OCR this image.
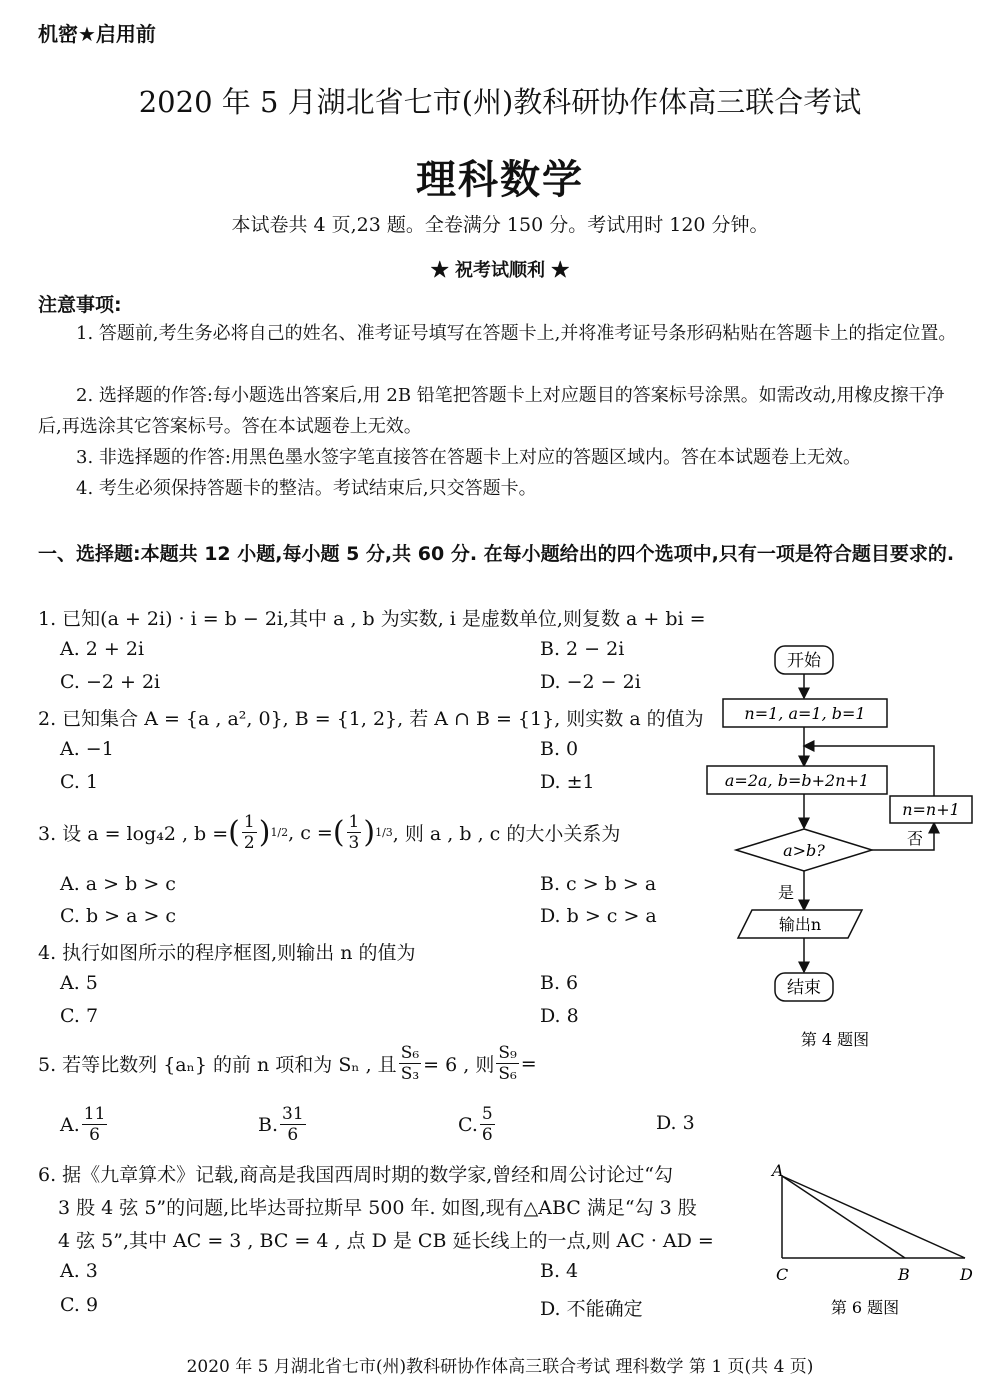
机密★启用前
2020 年 5 月湖北省七市(州)教科研协作体高三联合考试
理科数学
本试卷共 4 页,23 题。全卷满分 150 分。考试用时 120 分钟。
★ 祝考试顺利 ★
注意事项:
1. 答题前,考生务必将自己的姓名、准考证号填写在答题卡上,并将准考证号条形码粘贴在答题卡上的指定位置。
2. 选择题的作答:每小题选出答案后,用 2B 铅笔把答题卡上对应题目的答案标号涂黑。如需改动,用橡皮擦干净后,再选涂其它答案标号。答在本试题卷上无效。
3. 非选择题的作答:用黑色墨水签字笔直接答在答题卡上对应的答题区域内。答在本试题卷上无效。
4. 考生必须保持答题卡的整洁。考试结束后,只交答题卡。
一、选择题:本题共 12 小题,每小题 5 分,共 60 分. 在每小题给出的四个选项中,只有一项是符合题目要求的.
1. 已知(a + 2i) · i = b − 2i,其中 a , b 为实数, i 是虚数单位,则复数 a + bi =
A. 2 + 2i	B. 2 − 2i
C. −2 + 2i	D. −2 − 2i
2. 已知集合 A = {a , a², 0}, B = {1, 2}, 若 A ∩ B = {1}, 则实数 a 的值为
A. −1	B. 0
C. 1	D. ±1
3. 设 a = log₄2 , b = ( $\frac{1}{2}$ ) 1/2 , c = ( $\frac{1}{3}$ ) 1/3 , 则 a , b , c 的大小关系为
A. a > b > c	B. c > b > a
C. b > a > c	D. b > c > a
4. 执行如图所示的程序框图,则输出 n 的值为
A. 5	B. 6
C. 7	D. 8
5. 若等比数列 {aₙ} 的前 n 项和为 Sₙ , 且 $\frac{\text{S₆}}{\text{S₃}} = 6$ , 则 $\frac{\text{S₉}}{\text{S₆}}$ =
A. $\frac{11}{6}$	B. $\frac{31}{6}$	C. $\frac{5}{6}$	D. 3
6. 据《九章算术》记载,商高是我国西周时期的数学家,曾经和周公讨论过“勾
3 股 4 弦 5”的问题,比毕达哥拉斯早 500 年. 如图,现有△ABC 满足“勾 3 股
4 弦 5”,其中 AC = 3 , BC = 4 , 点 D 是 CB 延长线上的一点,则 AC · AD =
A. 3	B. 4
C. 9	D. 不能确定
开始
n=1, a=1, b=1
a=2a, b=b+2n+1
a>b?
n=n+1
否
是
输出n
结束
第 4 题图
A
C	B	D
第 6 题图
2020 年 5 月湖北省七市(州)教科研协作体高三联合考试 理科数学 第 1 页(共 4 页)
